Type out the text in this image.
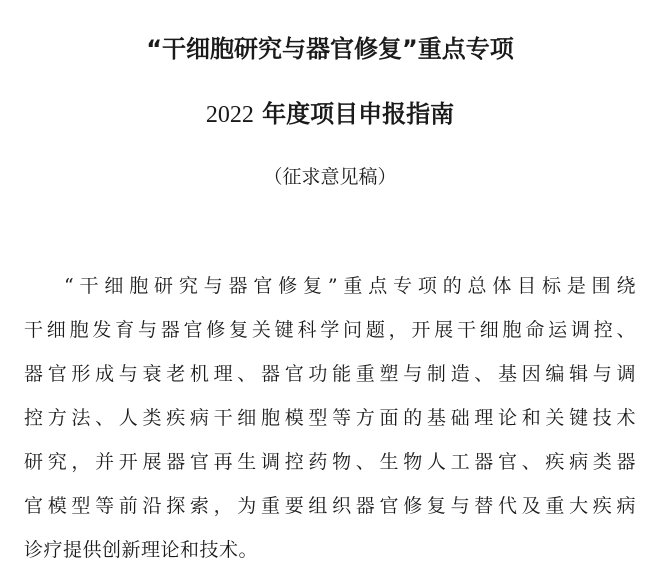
“干细胞研究与器官修复”重点专项
2022 年度项目申报指南
（征求意见稿）
“干细胞研究与器官修复”重点专项的总体目标是围绕
干细胞发育与器官修复关键科学问题，开展干细胞命运调控、
器官形成与衰老机理、器官功能重塑与制造、基因编辑与调
控方法、人类疾病干细胞模型等方面的基础理论和关键技术
研究，并开展器官再生调控药物、生物人工器官、疾病类器
官模型等前沿探索，为重要组织器官修复与替代及重大疾病
诊疗提供创新理论和技术。
